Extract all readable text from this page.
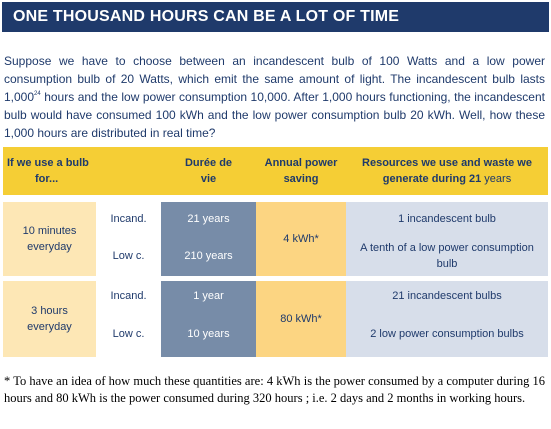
ONE THOUSAND HOURS CAN BE A LOT OF TIME

Suppose we have to choose between an incandescent bulb of 100 Watts and a low power consumption bulb of 20 Watts, which emit the same amount of light. The incandescent bulb lasts 1,000$^{24}$ hours and the low power consumption 10,000. After 1,000 hours functioning, the incandescent bulb would have consumed 100 kWh and the low power consumption bulb 20 kWh. Well, how these 1,000 hours are distributed in real time?

If we use a bulb
for...
Durée de
vie
Annual power
saving
Resources we use and waste we
generate during 21 years
10 minutes
everyday
Incand.
Low c.
21 years
210 years
4 kWh*
1 incandescent bulb
A tenth of a low power consumption
bulb
3 hours
everyday
Incand.
Low c.
1 year
10 years
80 kWh*
21 incandescent bulbs
2 low power consumption bulbs

* To have an idea of how much these quantities are: 4 kWh is the power consumed by a computer during 16 hours and 80 kWh is the power consumed during 320 hours ; i.e. 2 days and 2 months in working hours.
